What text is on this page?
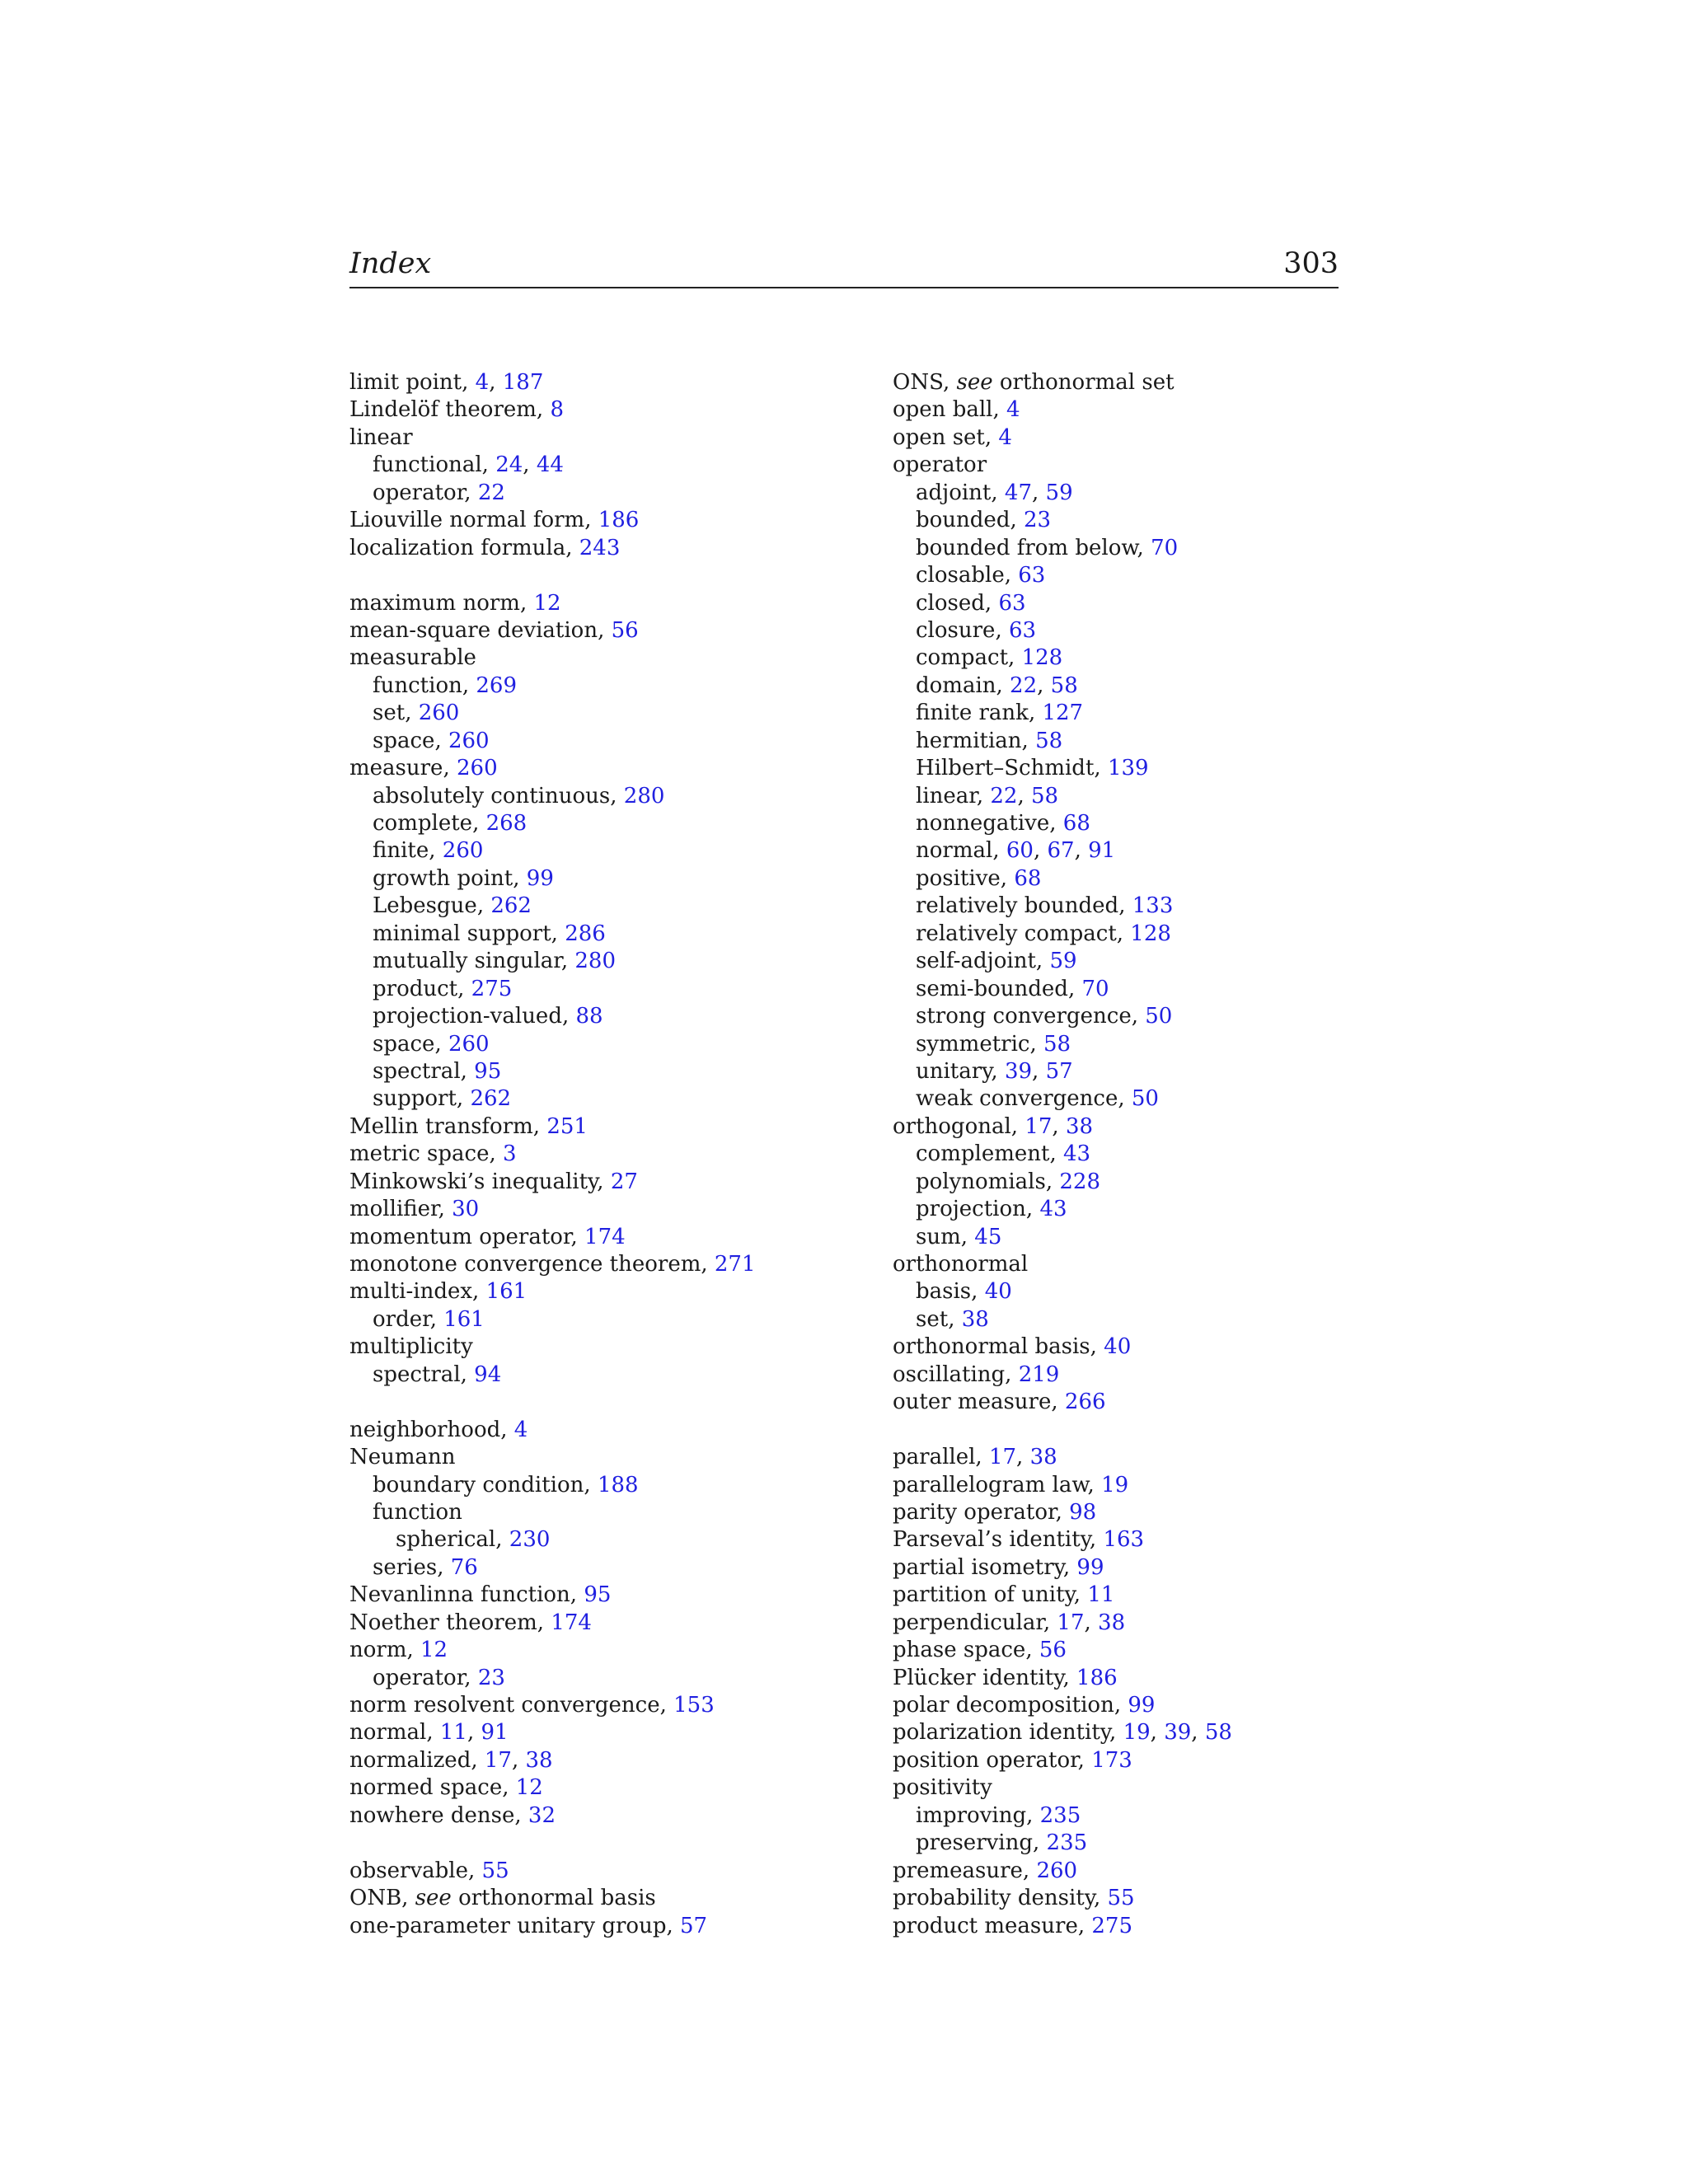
Index	303
limit point, 4, 187
Lindelöf theorem, 8
linear
functional, 24, 44
operator, 22
Liouville normal form, 186
localization formula, 243
maximum norm, 12
mean-square deviation, 56
measurable
function, 269
set, 260
space, 260
measure, 260
absolutely continuous, 280
complete, 268
finite, 260
growth point, 99
Lebesgue, 262
minimal support, 286
mutually singular, 280
product, 275
projection-valued, 88
space, 260
spectral, 95
support, 262
Mellin transform, 251
metric space, 3
Minkowski’s inequality, 27
mollifier, 30
momentum operator, 174
monotone convergence theorem, 271
multi-index, 161
order, 161
multiplicity
spectral, 94
neighborhood, 4
Neumann
boundary condition, 188
function
spherical, 230
series, 76
Nevanlinna function, 95
Noether theorem, 174
norm, 12
operator, 23
norm resolvent convergence, 153
normal, 11, 91
normalized, 17, 38
normed space, 12
nowhere dense, 32
observable, 55
ONB, see orthonormal basis
one-parameter unitary group, 57
ONS, see orthonormal set
open ball, 4
open set, 4
operator
adjoint, 47, 59
bounded, 23
bounded from below, 70
closable, 63
closed, 63
closure, 63
compact, 128
domain, 22, 58
finite rank, 127
hermitian, 58
Hilbert–Schmidt, 139
linear, 22, 58
nonnegative, 68
normal, 60, 67, 91
positive, 68
relatively bounded, 133
relatively compact, 128
self-adjoint, 59
semi-bounded, 70
strong convergence, 50
symmetric, 58
unitary, 39, 57
weak convergence, 50
orthogonal, 17, 38
complement, 43
polynomials, 228
projection, 43
sum, 45
orthonormal
basis, 40
set, 38
orthonormal basis, 40
oscillating, 219
outer measure, 266
parallel, 17, 38
parallelogram law, 19
parity operator, 98
Parseval’s identity, 163
partial isometry, 99
partition of unity, 11
perpendicular, 17, 38
phase space, 56
Plücker identity, 186
polar decomposition, 99
polarization identity, 19, 39, 58
position operator, 173
positivity
improving, 235
preserving, 235
premeasure, 260
probability density, 55
product measure, 275
